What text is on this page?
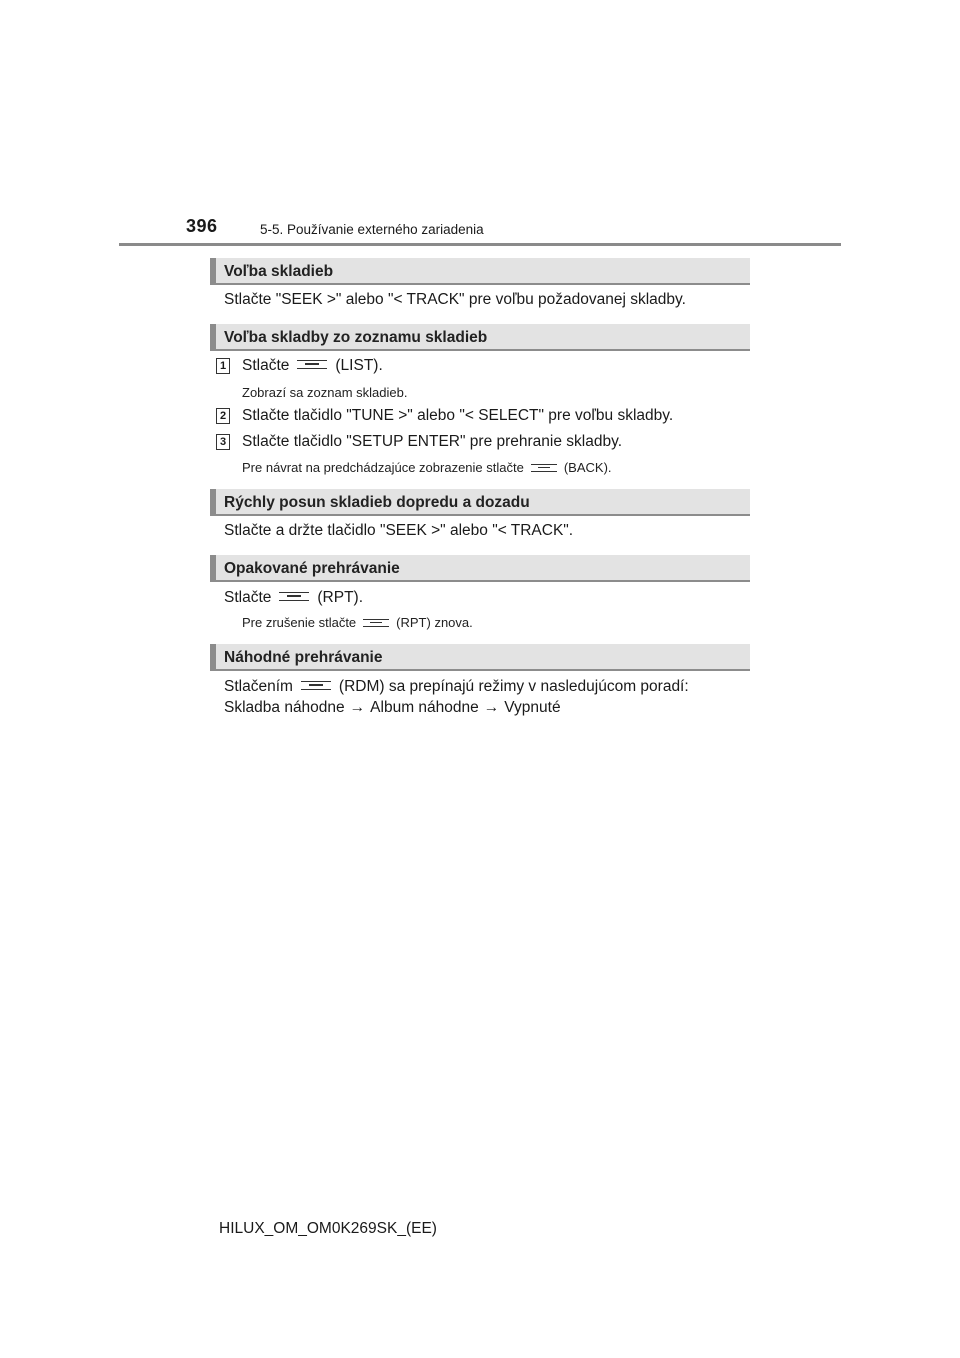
396	5-5. Používanie externého zariadenia
Voľba skladieb
Stlačte "SEEK >" alebo "< TRACK" pre voľbu požadovanej skladby.
Voľba skladby zo zoznamu skladieb
1 Stlačte	(LIST).
Zobrazí sa zoznam skladieb.
2 Stlačte tlačidlo "TUNE >" alebo "< SELECT" pre voľbu skladby.
3 Stlačte tlačidlo "SETUP ENTER" pre prehranie skladby.
Pre návrat na predchádzajúce zobrazenie stlačte	(BACK).
Rýchly posun skladieb dopredu a dozadu
Stlačte a držte tlačidlo "SEEK >" alebo "< TRACK".
Opakované prehrávanie
Stlačte	(RPT).
Pre zrušenie stlačte	(RPT) znova.
Náhodné prehrávanie
Stlačením	(RDM) sa prepínajú režimy v nasledujúcom poradí:
Skladba náhodne → Album náhodne → Vypnuté
HILUX_OM_OM0K269SK_(EE)
